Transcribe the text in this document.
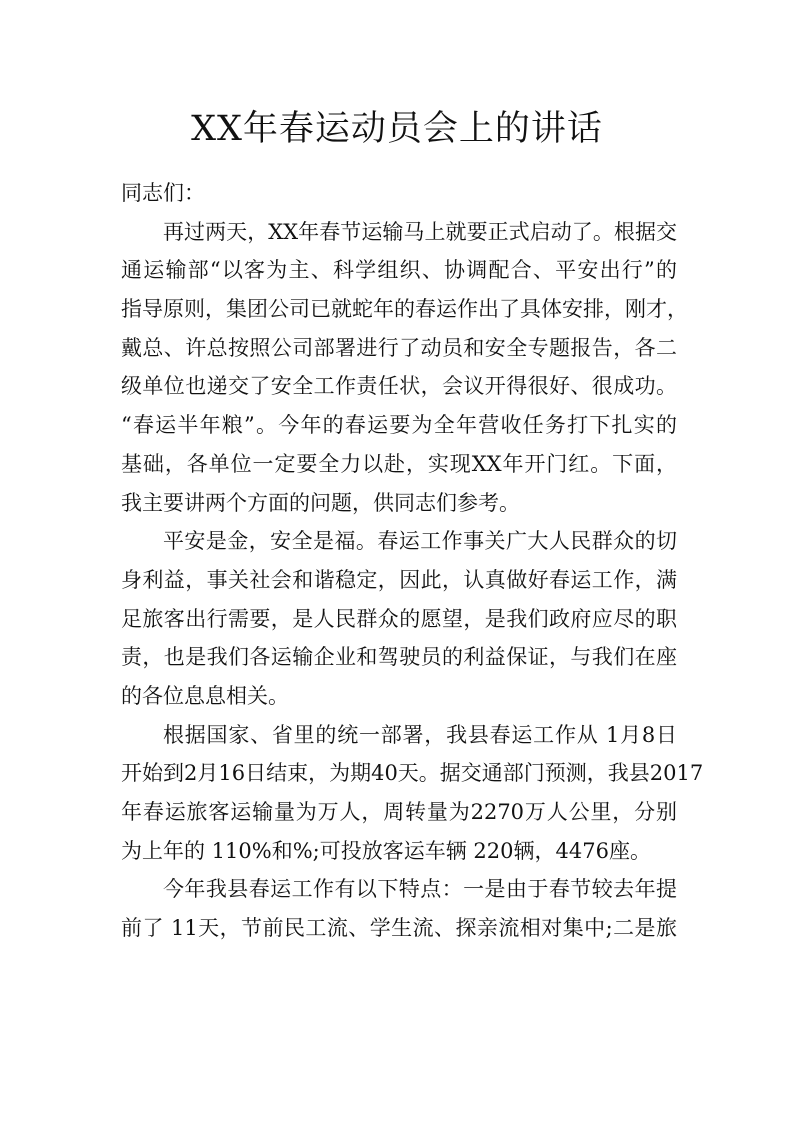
XX年春运动员会上的讲话
同志们：
再过两天，XX年春节运输马上就要正式启动了。根据交
通运输部“以客为主、科学组织、协调配合、平安出行”的
指导原则，集团公司已就蛇年的春运作出了具体安排，刚才，
戴总、许总按照公司部署进行了动员和安全专题报告，各二
级单位也递交了安全工作责任状，会议开得很好、很成功。
“春运半年粮”。今年的春运要为全年营收任务打下扎实的
基础，各单位一定要全力以赴，实现XX年开门红。下面，
我主要讲两个方面的问题，供同志们参考。
平安是金，安全是福。春运工作事关广大人民群众的切
身利益，事关社会和谐稳定，因此，认真做好春运工作，满
足旅客出行需要，是人民群众的愿望，是我们政府应尽的职
责，也是我们各运输企业和驾驶员的利益保证，与我们在座
的各位息息相关。
根据国家、省里的统一部署，我县春运工作从 1月8日
开始到2月16日结束，为期40天。据交通部门预测，我县2017
年春运旅客运输量为万人，周转量为2270万人公里，分别
为上年的 110%和%;可投放客运车辆 220辆，4476座。
今年我县春运工作有以下特点：一是由于春节较去年提
前了 11天，节前民工流、学生流、探亲流相对集中;二是旅
